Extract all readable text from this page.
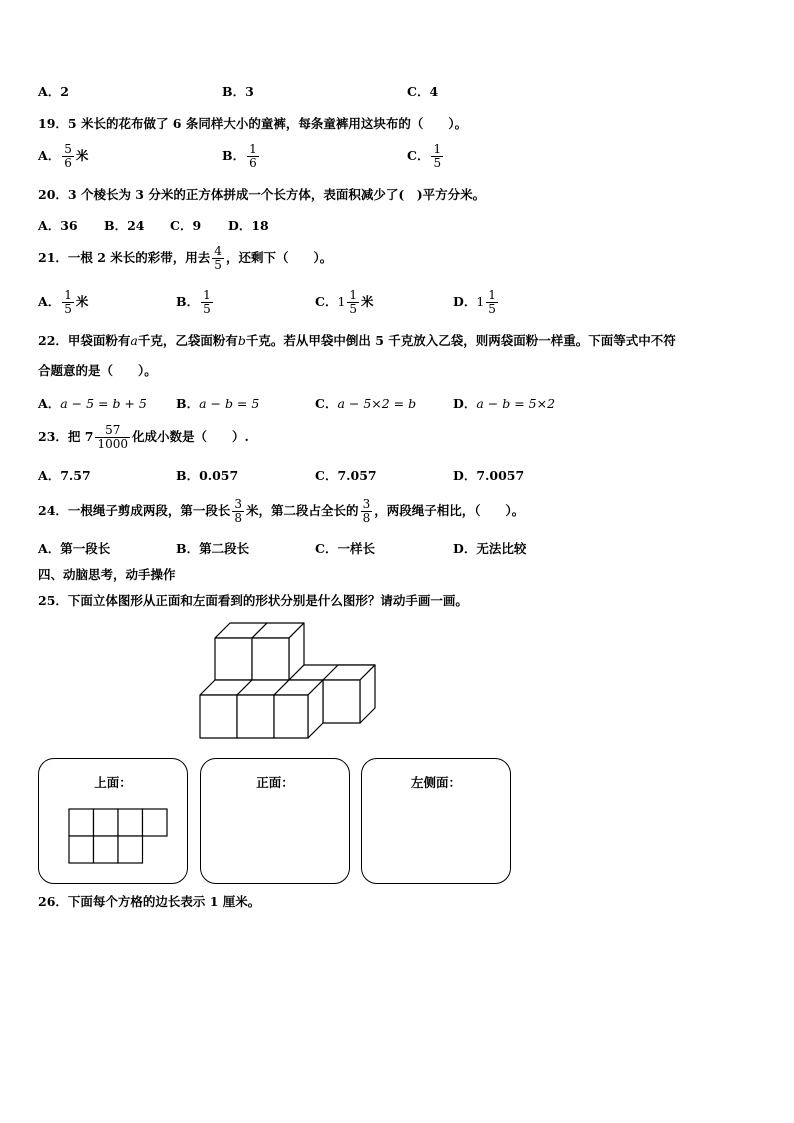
A．2	B．3	C．4
19．5 米长的花布做了 6 条同样大小的童裤，每条童裤用这块布的（　　）。
A． $\frac{5}{6}$ 米	B． $\frac{1}{6}$	C． $\frac{1}{5}$
20．3 个棱长为 3 分米的正方体拼成一个长方体，表面积减少了(　)平方分米。
A．36 B．24 C．9 D．18
21．一根 2 米长的彩带，用去 $\frac{4}{5}$ ，还剩下（　　）。
A． $\frac{1}{5}$ 米	B． $\frac{1}{5}$	C．$1 \frac{1}{5}$ 米	D．$1 \frac{1}{5}$
22．甲袋面粉有a千克，乙袋面粉有b千克。若从甲袋中倒出 5 千克放入乙袋，则两袋面粉一样重。下面等式中不符
合题意的是（　　）。
A．a − 5 = b + 5 B．a − b = 5	C．a − 5×2 = b	D．a − b = 5×2
23．把 $7 \frac{57}{1000}$ 化成小数是（　　）.
A．7.57	B．0.057	C．7.057	D．7.0057
24．一根绳子剪成两段，第一段长 $\frac{3}{8}$ 米，第二段占全长的 $\frac{3}{8}$ ，两段绳子相比，（　　）。
A．第一段长	B．第二段长	C．一样长	D．无法比较
四、动脑思考，动手操作
25．下面立体图形从正面和左面看到的形状分别是什么图形？请动手画一画。
上面：	正面：	左侧面：
26．下面每个方格的边长表示 1 厘米。
